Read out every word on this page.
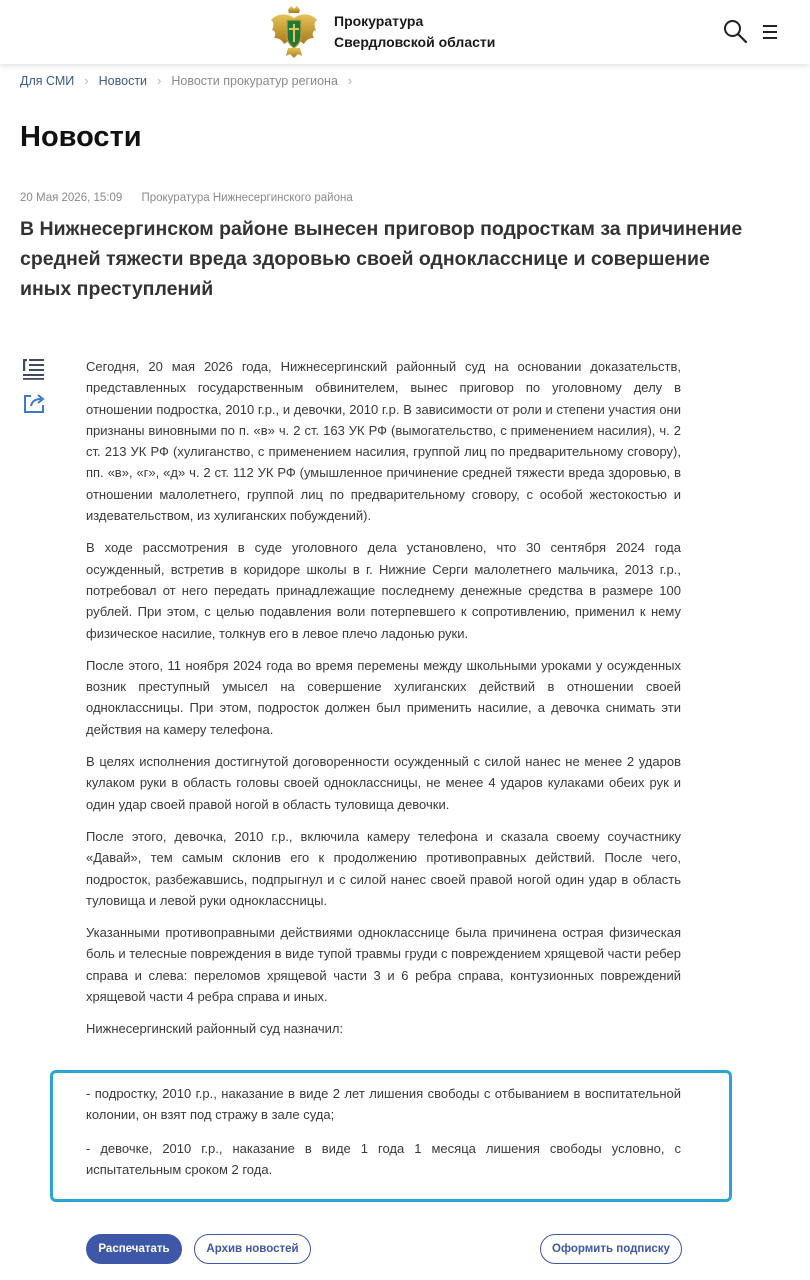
Прокуратура
Свердловской области
Для СМИ › Новости › Новости прокуратур региона ›
Новости
20 Мая 2026, 15:09 Прокуратура Нижнесергинского района
В Нижнесергинском районе вынесен приговор подросткам за причинение средней тяжести вреда здоровью своей однокласснице и совершение иных преступлений

Сегодня, 20 мая 2026 года, Нижнесергинский районный суд на основании доказательств, представленных государственным обвинителем, вынес приговор по уголовному делу в отношении подростка, 2010 г.р., и девочки, 2010 г.р. В зависимости от роли и степени участия они признаны виновными по п. «в» ч. 2 ст. 163 УК РФ (вымогательство, с применением насилия), ч. 2 ст. 213 УК РФ (хулиганство, с применением насилия, группой лиц по предварительному сговору), пп. «в», «г», «д» ч. 2 ст. 112 УК РФ (умышленное причинение средней тяжести вреда здоровью, в отношении малолетнего, группой лиц по предварительному сговору, с особой жестокостью и издевательством, из хулиганских побуждений).

В ходе рассмотрения в суде уголовного дела установлено, что 30 сентября 2024 года осужденный, встретив в коридоре школы в г. Нижние Серги малолетнего мальчика, 2013 г.р., потребовал от него передать принадлежащие последнему денежные средства в размере 100 рублей. При этом, с целью подавления воли потерпевшего к сопротивлению, применил к нему физическое насилие, толкнув его в левое плечо ладонью руки.

После этого, 11 ноября 2024 года во время перемены между школьными уроками у осужденных возник преступный умысел на совершение хулиганских действий в отношении своей одноклассницы. При этом, подросток должен был применить насилие, а девочка снимать эти действия на камеру телефона.

В целях исполнения достигнутой договоренности осужденный с силой нанес не менее 2 ударов кулаком руки в область головы своей одноклассницы, не менее 4 ударов кулаками обеих рук и один удар своей правой ногой в область туловища девочки.

После этого, девочка, 2010 г.р., включила камеру телефона и сказала своему соучастнику «Давай», тем самым склонив его к продолжению противоправных действий. После чего, подросток, разбежавшись, подпрыгнул и с силой нанес своей правой ногой один удар в область туловища и левой руки одноклассницы.

Указанными противоправными действиями однокласснице была причинена острая физическая боль и телесные повреждения в виде тупой травмы груди с повреждением хрящевой части ребер справа и слева: переломов хрящевой части 3 и 6 ребра справа, контузионных повреждений хрящевой части 4 ребра справа и иных.

Нижнесергинский районный суд назначил:

- подростку, 2010 г.р., наказание в виде 2 лет лишения свободы с отбыванием в воспитательной колонии, он взят под стражу в зале суда;

- девочке, 2010 г.р., наказание в виде 1 года 1 месяца лишения свободы условно, с испытательным сроком 2 года.

Распечатать	Архив новостей	Оформить подписку
